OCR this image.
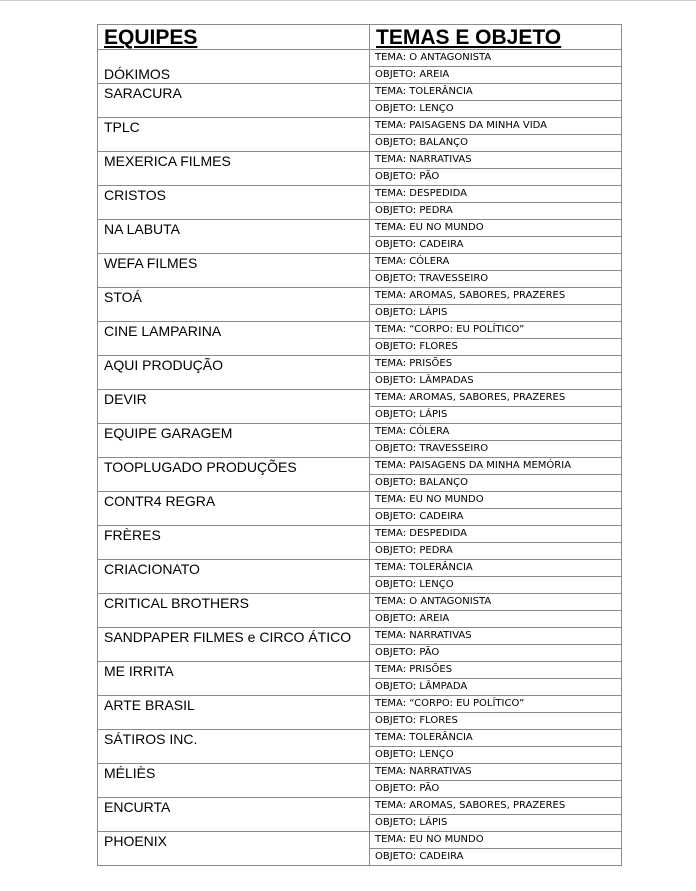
EQUIPES	TEMAS E OBJETO
DÓKIMOS	TEMA: O ANTAGONISTA
OBJETO: AREIA

SARACURA	TEMA: TOLERÂNCIA
OBJETO: LENÇO

TPLC	TEMA: PAISAGENS DA MINHA VIDA
OBJETO: BALANÇO

MEXERICA FILMES	TEMA: NARRATIVAS
OBJETO: PÃO

CRISTOS	TEMA: DESPEDIDA
OBJETO: PEDRA

NA LABUTA	TEMA: EU NO MUNDO
OBJETO: CADEIRA

WEFA FILMES	TEMA: CÓLERA
OBJETO: TRAVESSEIRO

STOÁ	TEMA: AROMAS, SABORES, PRAZERES
OBJETO: LÁPIS

CINE LAMPARINA	TEMA: “CORPO: EU POLÍTICO”
OBJETO: FLORES

AQUI PRODUÇÃO	TEMA: PRISÕES
OBJETO: LÂMPADAS

DEVIR	TEMA: AROMAS, SABORES, PRAZERES
OBJETO: LÁPIS

EQUIPE GARAGEM	TEMA: CÓLERA
OBJETO: TRAVESSEIRO

TOOPLUGADO PRODUÇÕES	TEMA: PAISAGENS DA MINHA MEMÓRIA
OBJETO: BALANÇO

CONTR4 REGRA	TEMA: EU NO MUNDO
OBJETO: CADEIRA

FRÈRES	TEMA: DESPEDIDA
OBJETO: PEDRA

CRIACIONATO	TEMA: TOLERÂNCIA
OBJETO: LENÇO

CRITICAL BROTHERS	TEMA: O ANTAGONISTA
OBJETO: AREIA

SANDPAPER FILMES e CIRCO ÁTICO	TEMA: NARRATIVAS
OBJETO: PÃO

ME IRRITA	TEMA: PRISÕES
OBJETO: LÂMPADA

ARTE BRASIL	TEMA: “CORPO: EU POLÍTICO”
OBJETO: FLORES

SÁTIROS INC.	TEMA: TOLERÂNCIA
OBJETO: LENÇO

MÉLIÈS	TEMA: NARRATIVAS
OBJETO: PÃO

ENCURTA	TEMA: AROMAS, SABORES, PRAZERES
OBJETO: LÁPIS

PHOENIX	TEMA: EU NO MUNDO
OBJETO: CADEIRA
